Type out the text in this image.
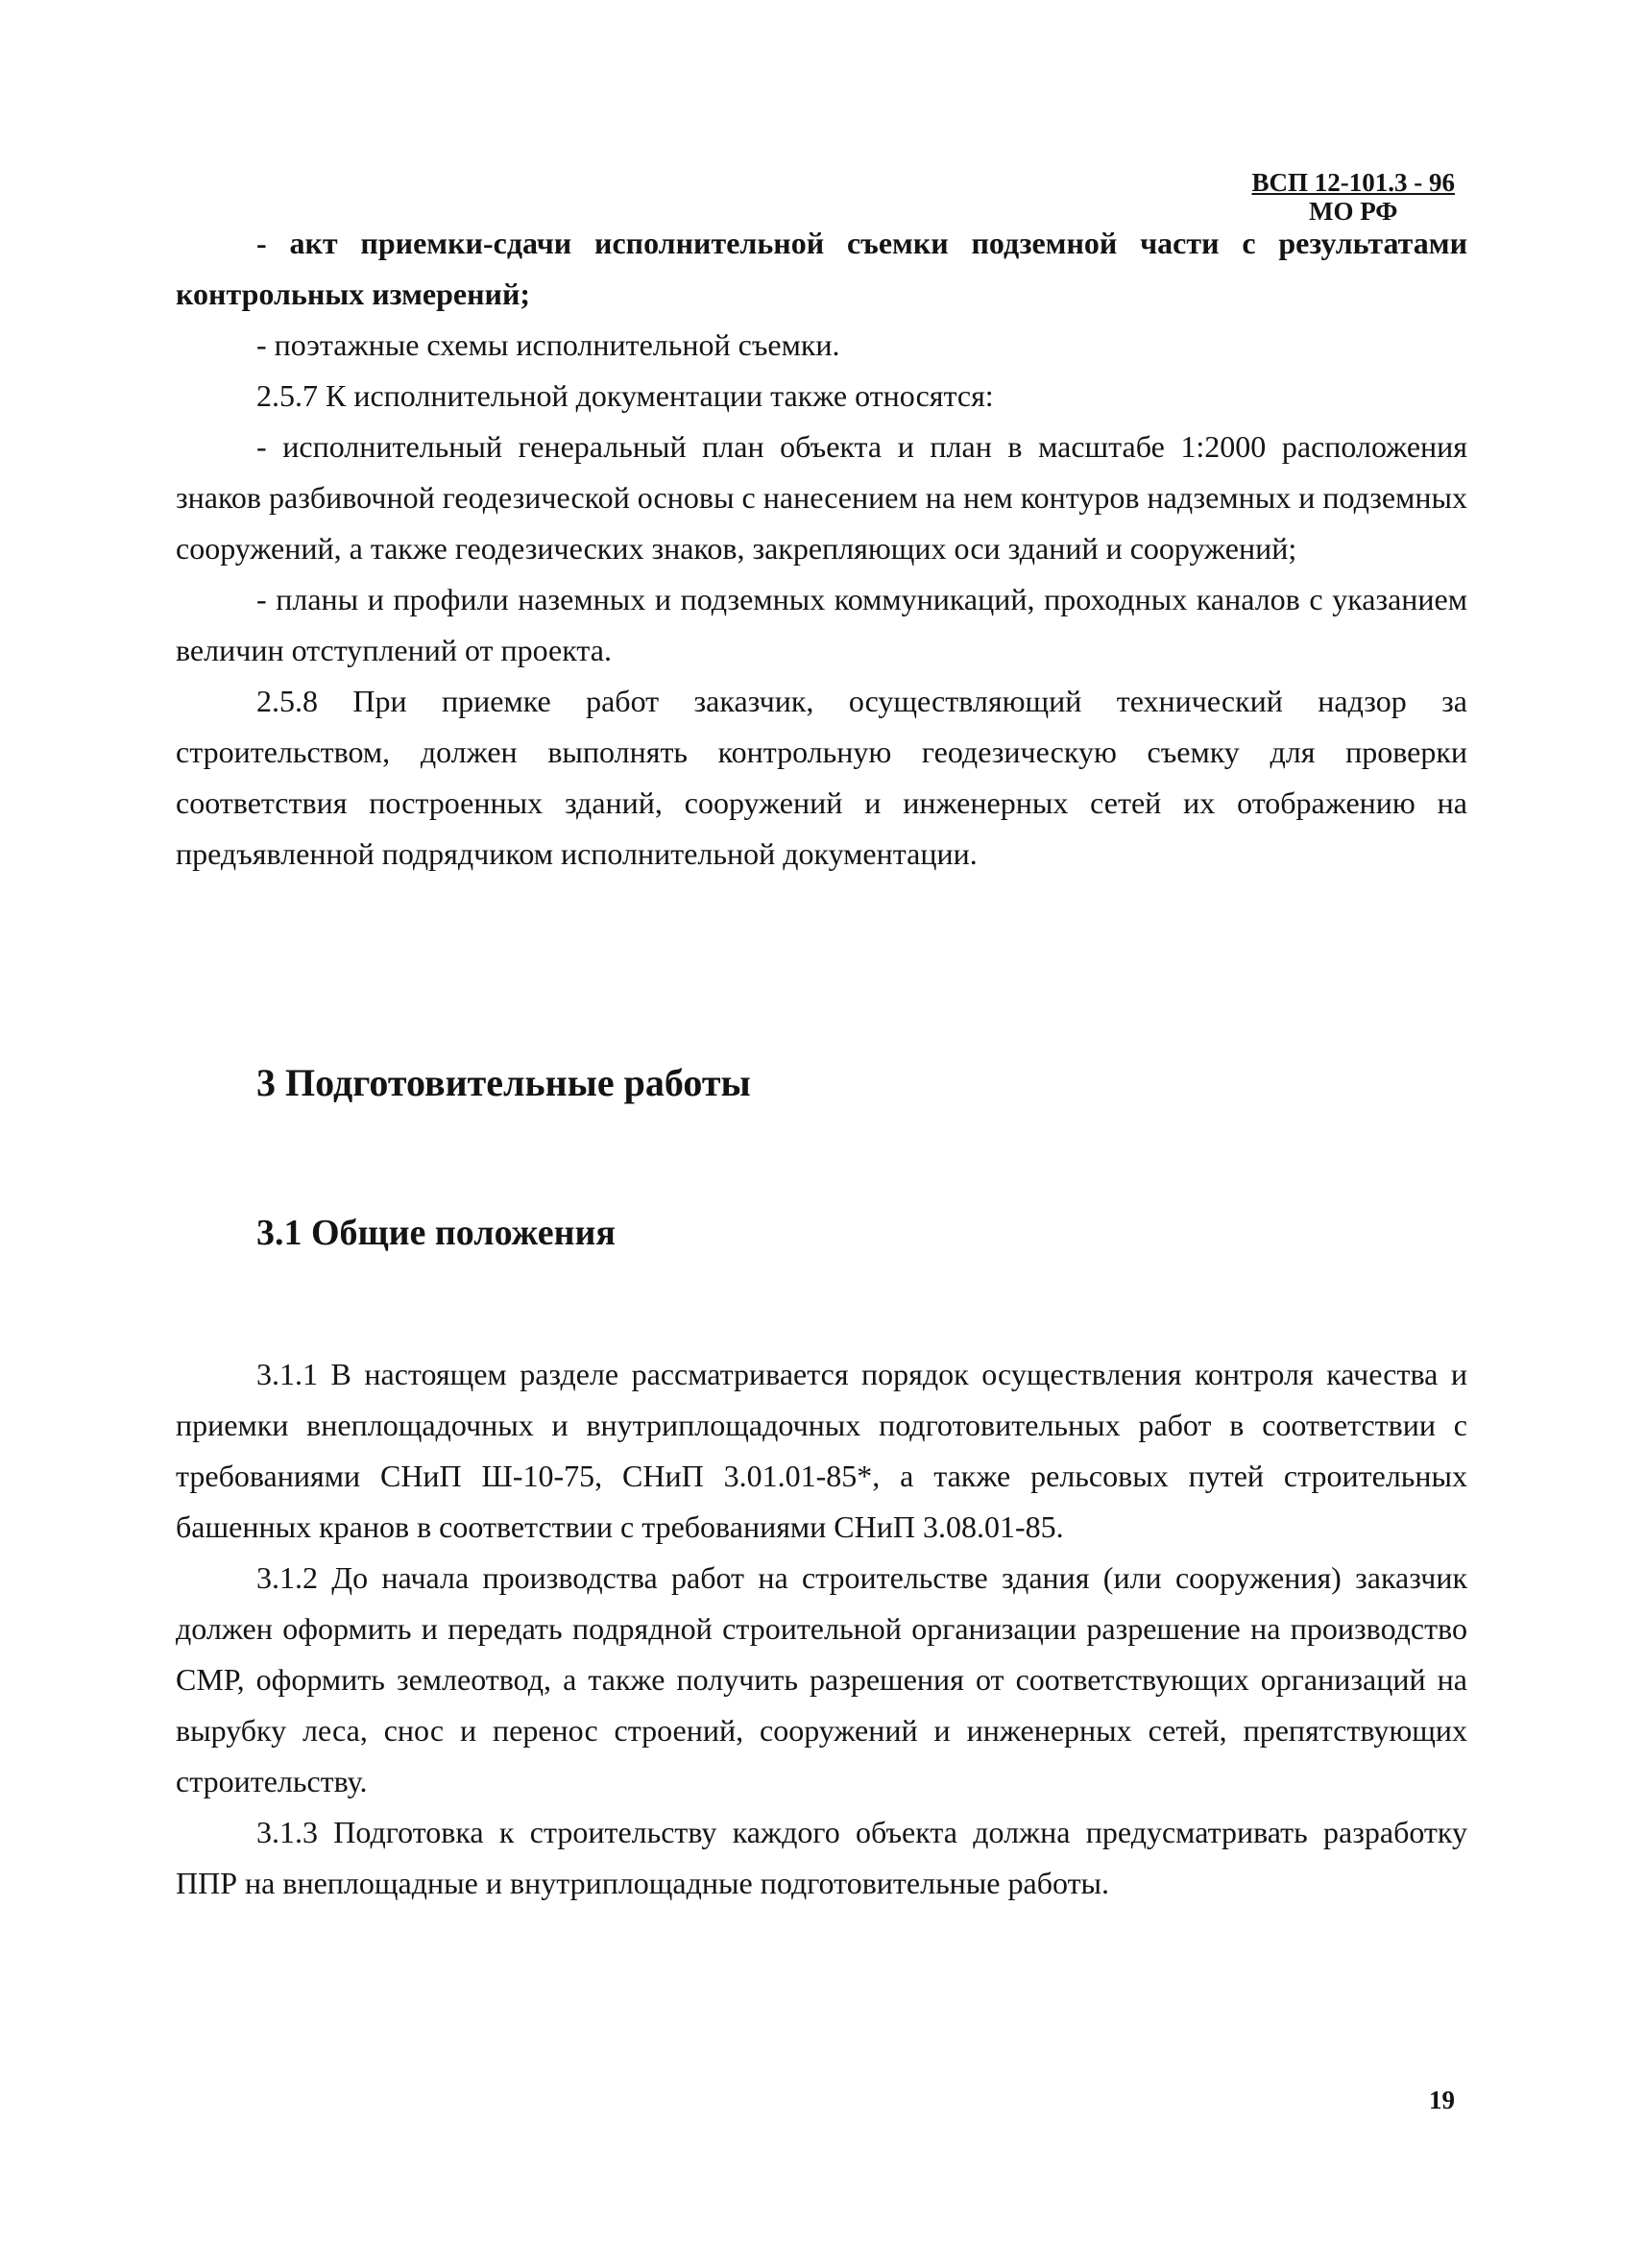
ВСП 12-101.3 - 96
МО РФ

- акт приемки-сдачи исполнительной съемки подземной части с результатами контрольных измерений;

- поэтажные схемы исполнительной съемки.

2.5.7 К исполнительной документации также относятся:

- исполнительный генеральный план объекта и план в масштабе 1:2000 расположения знаков разбивочной геодезической основы с нанесением на нем контуров надземных и подземных сооружений, а также геодезических знаков, закрепляющих оси зданий и сооружений;

- планы и профили наземных и подземных коммуникаций, проходных каналов с указанием величин отступлений от проекта.

2.5.8 При приемке работ заказчик, осуществляющий технический надзор за строительством, должен выполнять контрольную геодезическую съемку для проверки соответствия построенных зданий, сооружений и инженерных сетей их отображению на предъявленной подрядчиком исполнительной документации.

3 Подготовительные работы
3.1 Общие положения

3.1.1 В настоящем разделе рассматривается порядок осуществления контроля качества и приемки внеплощадочных и внутриплощадочных подготовительных работ в соответствии с требованиями СНиП Ш-10-75, СНиП 3.01.01-85*, а также рельсовых путей строительных башенных кранов в соответствии с требованиями СНиП 3.08.01-85.

3.1.2 До начала производства работ на строительстве здания (или сооружения) заказчик должен оформить и передать подрядной строительной организации разрешение на производство СМР, оформить землеотвод, а также получить разрешения от соответствующих организаций на вырубку леса, снос и перенос строений, сооружений и инженерных сетей, препятствующих строительству.

3.1.3 Подготовка к строительству каждого объекта должна предусматривать разработку ППР на внеплощадные и внутриплощадные подготовительные работы.

19
